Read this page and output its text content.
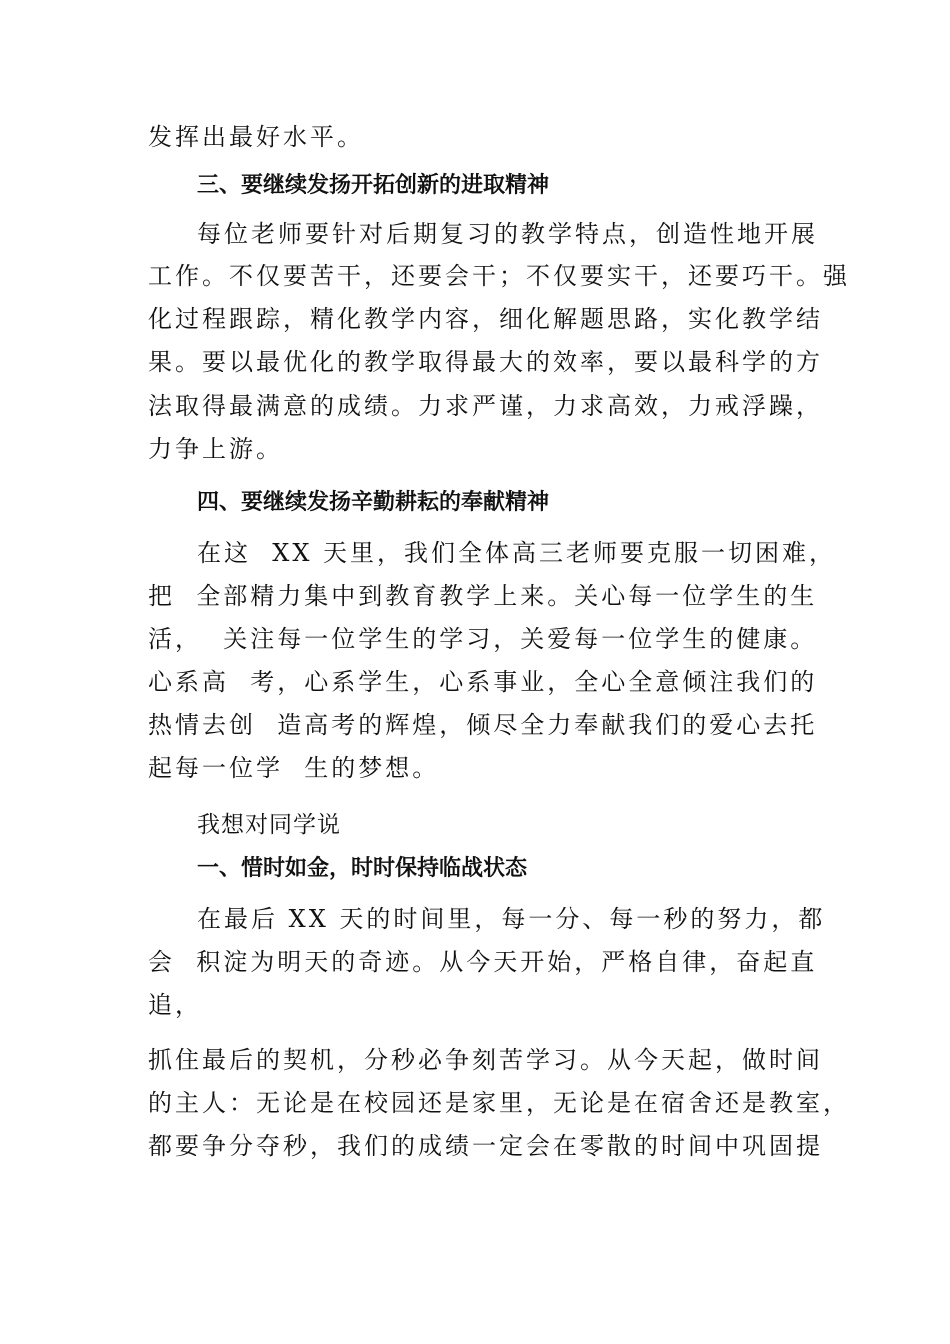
发挥出最好水平。
三、要继续发扬开拓创新的进取精神
每位老师要针对后期复习的教学特点，创造性地开展
工作。不仅要苦干，还要会干；不仅要实干，还要巧干。强
化过程跟踪，精化教学内容，细化解题思路，实化教学结
果。要以最优化的教学取得最大的效率，要以最科学的方
法取得最满意的成绩。力求严谨，力求高效，力戒浮躁，
力争上游。
四、要继续发扬辛勤耕耘的奉献精神
在这  XX 天里，我们全体高三老师要克服一切困难，
把  全部精力集中到教育教学上来。关心每一位学生的生
活，  关注每一位学生的学习，关爱每一位学生的健康。
心系高  考，心系学生，心系事业，全心全意倾注我们的
热情去创  造高考的辉煌，倾尽全力奉献我们的爱心去托
起每一位学  生的梦想。
我想对同学说
一、惜时如金，时时保持临战状态
在最后 XX 天的时间里，每一分、每一秒的努力，都
会  积淀为明天的奇迹。从今天开始，严格自律，奋起直
追，
抓住最后的契机，分秒必争刻苦学习。从今天起，做时间
的主人：无论是在校园还是家里，无论是在宿舍还是教室，
都要争分夺秒，我们的成绩一定会在零散的时间中巩固提
